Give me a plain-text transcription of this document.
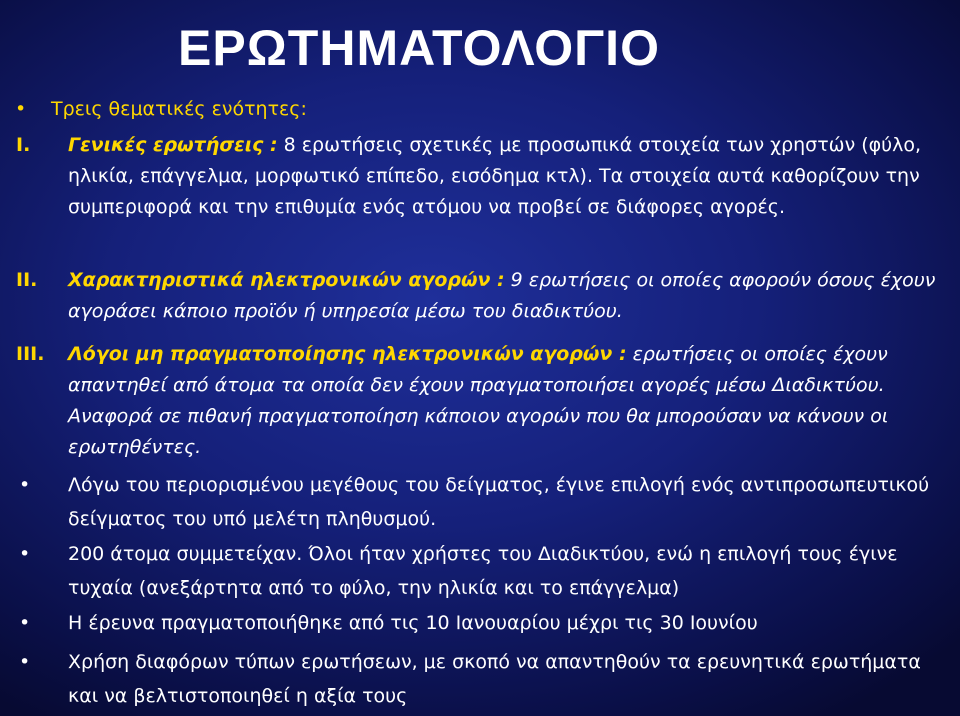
ΕΡΩΤΗΜΑΤΟΛΟΓΙΟ
• Τρεις θεματικές ενότητες:
I. Γενικές ερωτήσεις : 8 ερωτήσεις σχετικές με προσωπικά στοιχεία των χρηστών (φύλο, ηλικία, επάγγελμα, μορφωτικό επίπεδο, εισόδημα κτλ). Τα στοιχεία αυτά καθορίζουν την συμπεριφορά και την επιθυμία ενός ατόμου να προβεί σε διάφορες αγορές.
II. Χαρακτηριστικά ηλεκτρονικών αγορών : 9 ερωτήσεις οι οποίες αφορούν όσους έχουν αγοράσει κάποιο προϊόν ή υπηρεσία μέσω του διαδικτύου.
III. Λόγοι μη πραγματοποίησης ηλεκτρονικών αγορών : ερωτήσεις οι οποίες έχουν απαντηθεί από άτομα τα οποία δεν έχουν πραγματοποιήσει αγορές μέσω Διαδικτύου. Αναφορά σε πιθανή πραγματοποίηση κάποιον αγορών που θα μπορούσαν να κάνουν οι ερωτηθέντες.
• Λόγω του περιορισμένου μεγέθους του δείγματος, έγινε επιλογή ενός αντιπροσωπευτικού δείγματος του υπό μελέτη πληθυσμού.
• 200 άτομα συμμετείχαν. Όλοι ήταν χρήστες του Διαδικτύου, ενώ η επιλογή τους έγινε τυχαία (ανεξάρτητα από το φύλο, την ηλικία και το επάγγελμα)
• Η έρευνα πραγματοποιήθηκε από τις 10 Ιανουαρίου μέχρι τις 30 Ιουνίου
• Χρήση διαφόρων τύπων ερωτήσεων, με σκοπό να απαντηθούν τα ερευνητικά ερωτήματα και να βελτιστοποιηθεί η αξία τους
